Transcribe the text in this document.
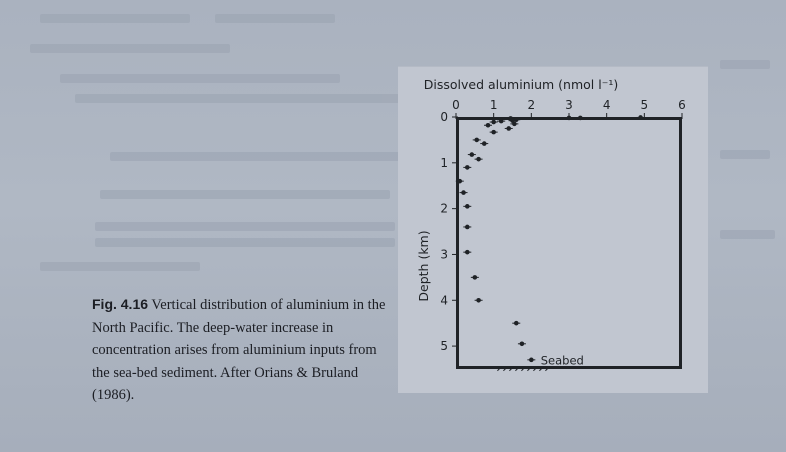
Dissolved aluminium (nmol l⁻¹)
0	1	2	3	4	5	6
0
1
2
3
4
5
Seabed
Depth (km)
Fig. 4.16 Vertical distribution of aluminium in the North Pacific. The deep-water increase in concentration arises from aluminium inputs from the sea-bed sediment. After Orians & Bruland (1986).
